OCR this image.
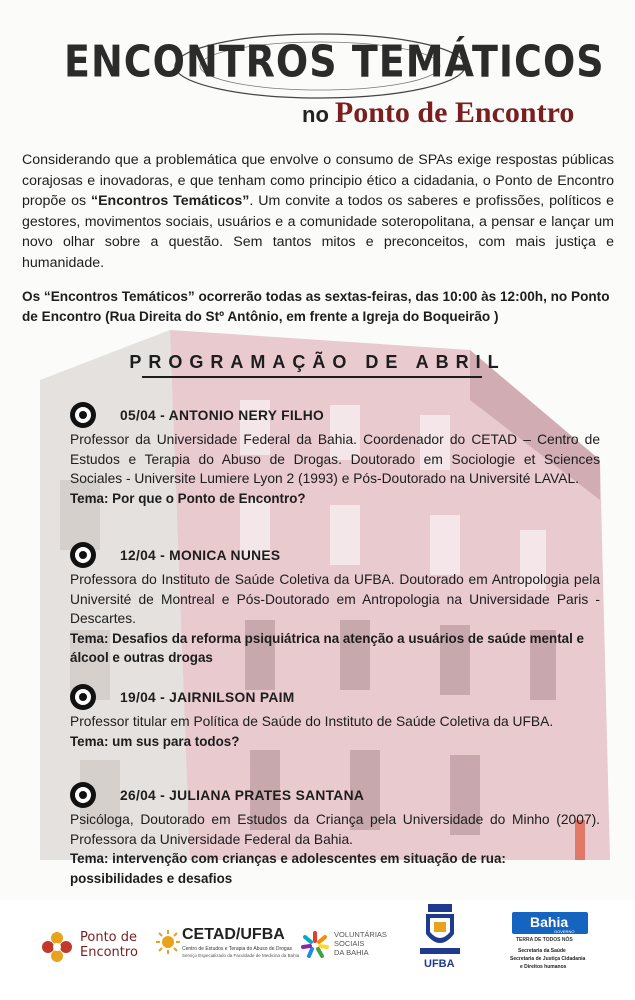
ENCONTROS TEMÁTICOS
no Ponto de Encontro
Considerando que a problemática que envolve o consumo de SPAs exige respostas públicas corajosas e inovadoras, e que tenham como principio ético a cidadania, o Ponto de Encontro propõe os “Encontros Temáticos”. Um convite a todos os saberes e profissões, políticos e gestores, movimentos sociais, usuários e a comunidade soteropolitana, a pensar e lançar um novo olhar sobre a questão. Sem tantos mitos e preconceitos, com mais justiça e humanidade.
Os “Encontros Temáticos” ocorrerão todas as sextas-feiras, das 10:00 às 12:00h, no Ponto de Encontro (Rua Direita do Stº Antônio, em frente a Igreja do Boqueirão )
PROGRAMAÇÃO DE ABRIL
05/04 - ANTONIO NERY FILHO
Professor da Universidade Federal da Bahia. Coordenador do CETAD – Centro de Estudos e Terapia do Abuso de Drogas. Doutorado em Sociologie et Sciences Sociales - Universite Lumiere Lyon 2 (1993) e Pós-Doutorado na Université LAVAL.
Tema: Por que o Ponto de Encontro?
12/04 - MONICA NUNES
Professora do Instituto de Saúde Coletiva da UFBA. Doutorado em Antropologia pela Université de Montreal e Pós-Doutorado em Antropologia na Universidade Paris - Descartes.
Tema: Desafios da reforma psiquiátrica na atenção a usuários de saúde mental e álcool e outras drogas
19/04 - JAIRNILSON PAIM
Professor titular em Política de Saúde do Instituto de Saúde Coletiva da UFBA.
Tema: um sus para todos?
26/04 - JULIANA PRATES SANTANA
Psicóloga, Doutorado em Estudos da Criança pela Universidade do Minho (2007). Professora da Universidade Federal da Bahia.
Tema: intervenção com crianças e adolescentes em situação de rua: possibilidades e desafios
Ponto de
Encontro
CETAD/UFBA
Centro de Estudos e Terapia do Abuso de Drogas
Serviço Especializado da Faculdade de Medicina da Bahia
VOLUNTÁRIAS
SOCIAIS
DA BAHIA
UFBA
Bahia
GOVERNO
TERRA DE TODOS NÓS
Secretaria da Saúde
Secretaria de Justiça Cidadania
e Direitos humanos
